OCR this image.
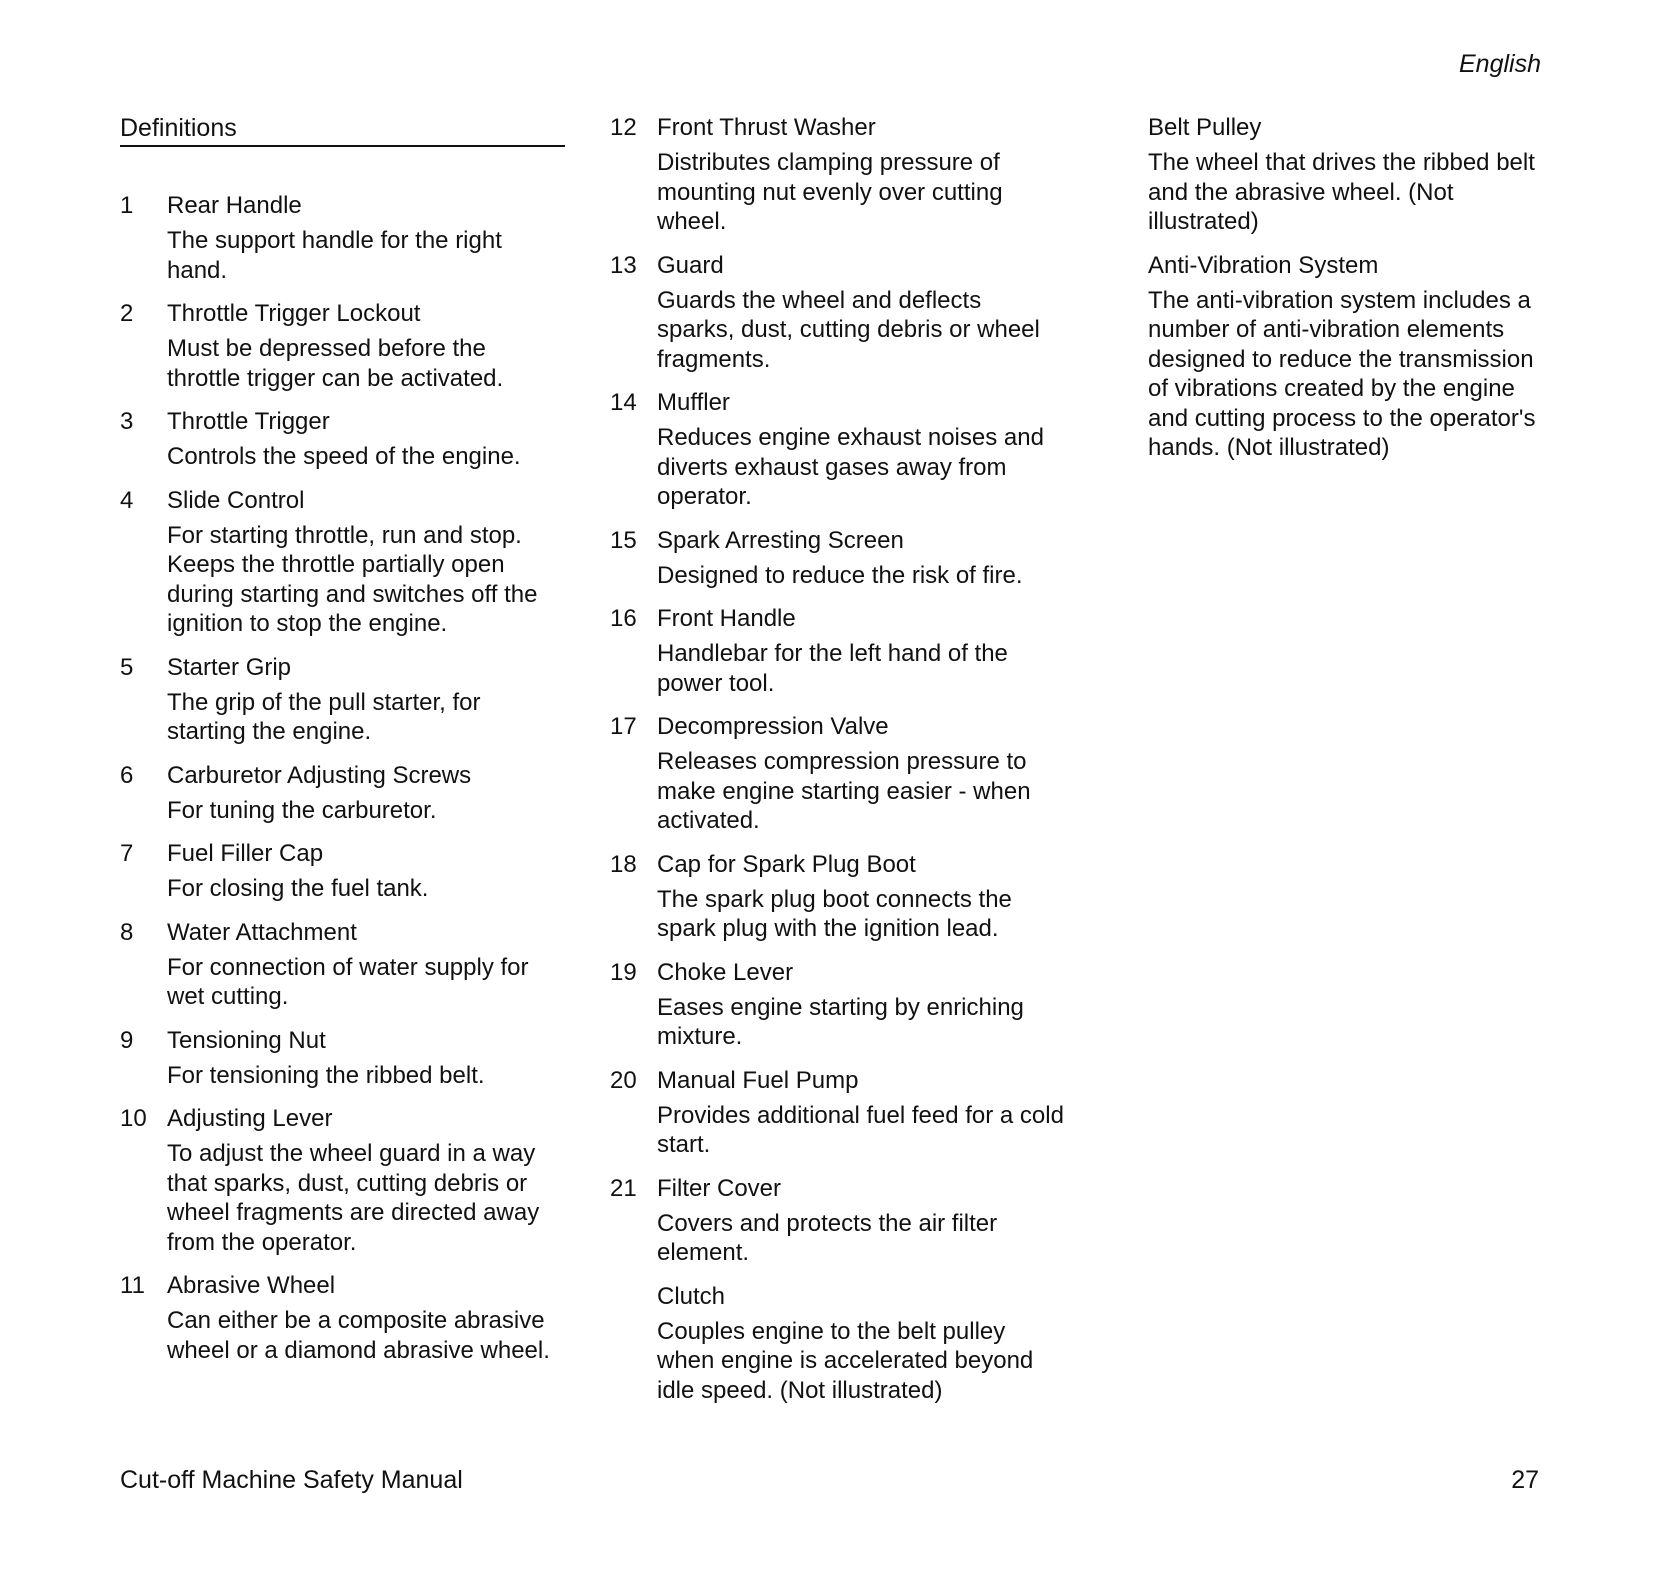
English
Definitions
1 Rear Handle
The support handle for the right hand.
2 Throttle Trigger Lockout
Must be depressed before the throttle trigger can be activated.
3 Throttle Trigger
Controls the speed of the engine.
4 Slide Control
For starting throttle, run and stop. Keeps the throttle partially open during starting and switches off the ignition to stop the engine.
5 Starter Grip
The grip of the pull starter, for starting the engine.
6 Carburetor Adjusting Screws
For tuning the carburetor.
7 Fuel Filler Cap
For closing the fuel tank.
8 Water Attachment
For connection of water supply for wet cutting.
9 Tensioning Nut
For tensioning the ribbed belt.
10 Adjusting Lever
To adjust the wheel guard in a way that sparks, dust, cutting debris or wheel fragments are directed away from the operator.
11 Abrasive Wheel
Can either be a composite abrasive wheel or a diamond abrasive wheel.
12 Front Thrust Washer
Distributes clamping pressure of mounting nut evenly over cutting wheel.
13 Guard
Guards the wheel and deflects sparks, dust, cutting debris or wheel fragments.
14 Muffler
Reduces engine exhaust noises and diverts exhaust gases away from operator.
15 Spark Arresting Screen
Designed to reduce the risk of fire.
16 Front Handle
Handlebar for the left hand of the power tool.
17 Decompression Valve
Releases compression pressure to make engine starting easier - when activated.
18 Cap for Spark Plug Boot
The spark plug boot connects the spark plug with the ignition lead.
19 Choke Lever
Eases engine starting by enriching mixture.
20 Manual Fuel Pump
Provides additional fuel feed for a cold start.
21 Filter Cover
Covers and protects the air filter element.
Clutch
Couples engine to the belt pulley when engine is accelerated beyond idle speed. (Not illustrated)
Belt Pulley
The wheel that drives the ribbed belt and the abrasive wheel. (Not illustrated)
Anti-Vibration System
The anti-vibration system includes a number of anti-vibration elements designed to reduce the transmission of vibrations created by the engine and cutting process to the operator's hands. (Not illustrated)
Cut-off Machine Safety Manual	27
